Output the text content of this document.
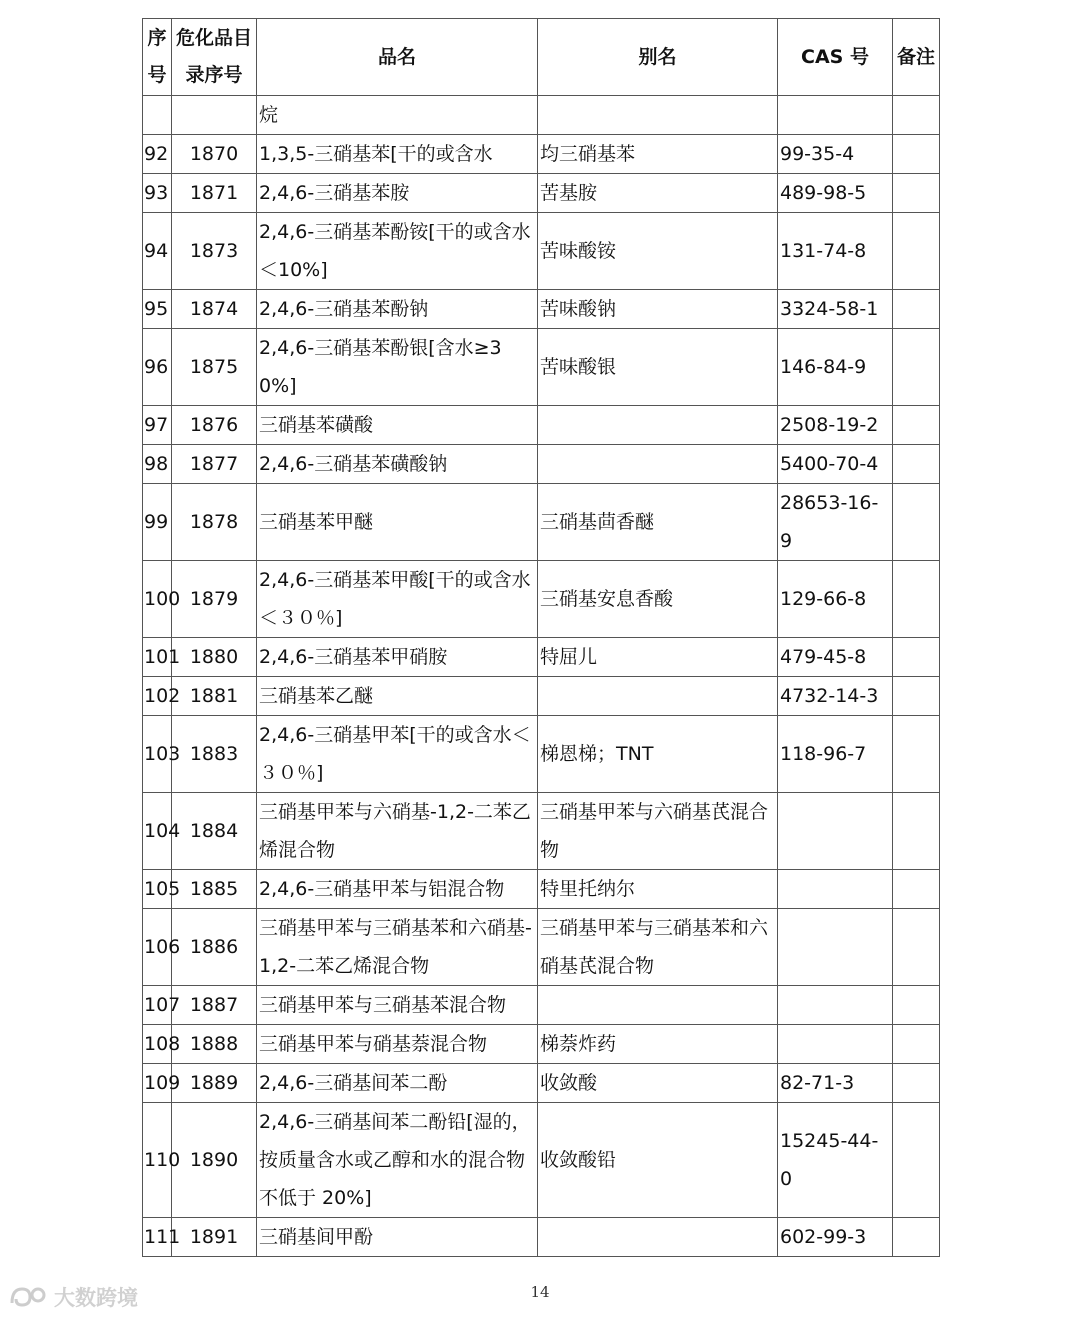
序号	危化品目录序号	品名	别名	CAS 号	备注
		烷			
92	1870	1,3,5-三硝基苯[干的或含水	均三硝基苯	99-35-4	
93	1871	2,4,6-三硝基苯胺	苦基胺	489-98-5	
94	1873	2,4,6-三硝基苯酚铵[干的或含水＜10%]	苦味酸铵	131-74-8	
95	1874	2,4,6-三硝基苯酚钠	苦味酸钠	3324-58-1	
96	1875	2,4,6-三硝基苯酚银[含水≥30%]	苦味酸银	146-84-9	
97	1876	三硝基苯磺酸		2508-19-2	
98	1877	2,4,6-三硝基苯磺酸钠		5400-70-4	
99	1878	三硝基苯甲醚	三硝基茴香醚	28653-16-9	
100	1879	2,4,6-三硝基苯甲酸[干的或含水＜３０％]	三硝基安息香酸	129-66-8	
101	1880	2,4,6-三硝基苯甲硝胺	特屈儿	479-45-8	
102	1881	三硝基苯乙醚		4732-14-3	
103	1883	2,4,6-三硝基甲苯[干的或含水＜３０％]	梯恩梯；TNT	118-96-7	
104	1884	三硝基甲苯与六硝基-1,2-二苯乙烯混合物	三硝基甲苯与六硝基芪混合物		
105	1885	2,4,6-三硝基甲苯与铝混合物	特里托纳尔		
106	1886	三硝基甲苯与三硝基苯和六硝基-1,2-二苯乙烯混合物	三硝基甲苯与三硝基苯和六硝基芪混合物		
107	1887	三硝基甲苯与三硝基苯混合物			
108	1888	三硝基甲苯与硝基萘混合物	梯萘炸药		
109	1889	2,4,6-三硝基间苯二酚	收敛酸	82-71-3	
110	1890	2,4,6-三硝基间苯二酚铅[湿的，按质量含水或乙醇和水的混合物不低于 20%]	收敛酸铅	15245-44-0	
111	1891	三硝基间甲酚		602-99-3	
14
大数跨境
